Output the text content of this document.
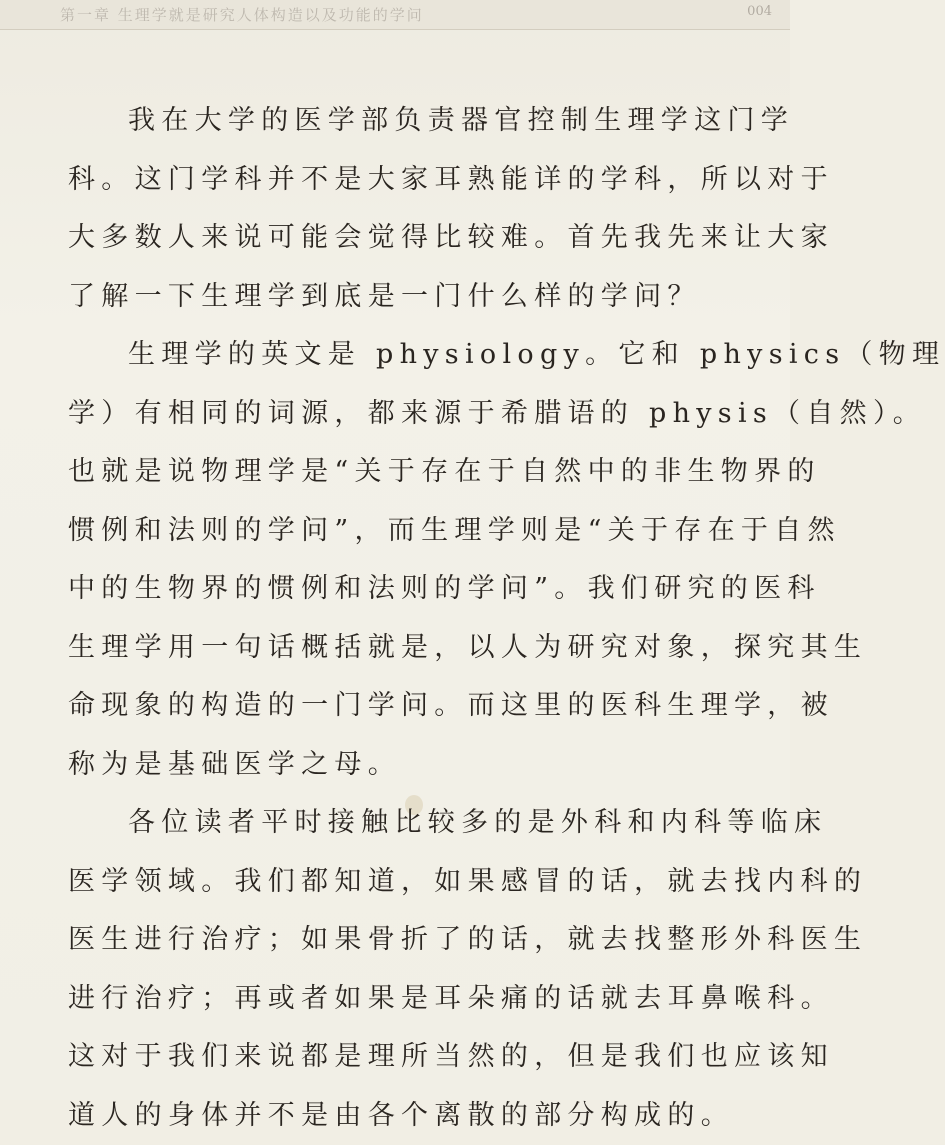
第一章 生理学就是研究人体构造以及功能的学问	004
我在大学的医学部负责器官控制生理学这门学
科。这门学科并不是大家耳熟能详的学科，所以对于
大多数人来说可能会觉得比较难。首先我先来让大家
了解一下生理学到底是一门什么样的学问？
生理学的英文是 physiology。它和 physics（物理
学）有相同的词源，都来源于希腊语的 physis（自然）。
也就是说物理学是“关于存在于自然中的非生物界的
惯例和法则的学问”，而生理学则是“关于存在于自然
中的生物界的惯例和法则的学问”。我们研究的医科
生理学用一句话概括就是，以人为研究对象，探究其生
命现象的构造的一门学问。而这里的医科生理学，被
称为是基础医学之母。
各位读者平时接触比较多的是外科和内科等临床
医学领域。我们都知道，如果感冒的话，就去找内科的
医生进行治疗；如果骨折了的话，就去找整形外科医生
进行治疗；再或者如果是耳朵痛的话就去耳鼻喉科。
这对于我们来说都是理所当然的，但是我们也应该知
道人的身体并不是由各个离散的部分构成的。
